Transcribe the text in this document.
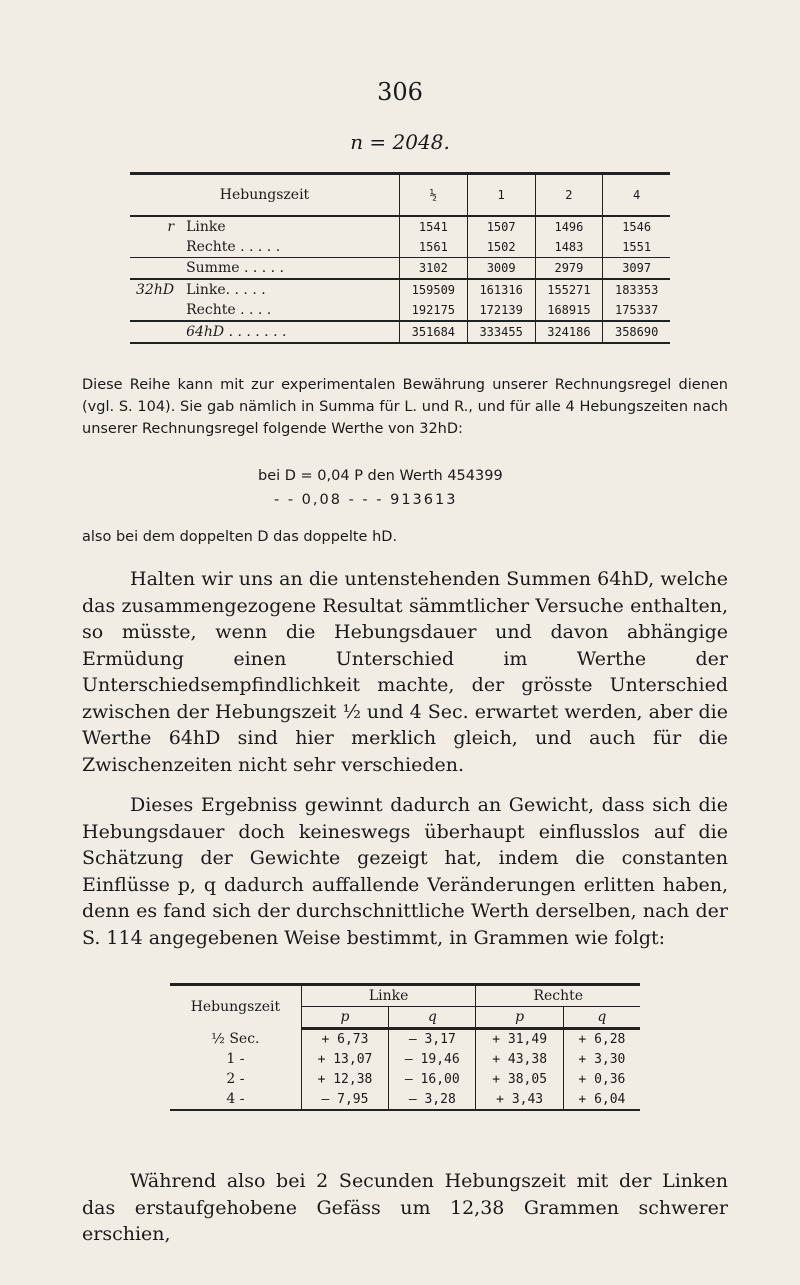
306
n = 2048.
Hebungszeit		½	1	2	4
r	Linke	1541	1507	1496	1546
	Rechte . . . . .	1561	1502	1483	1551
	Summe . . . . .	3102	3009	2979	3097
32hD	Linke. . . . .	159509	161316	155271	183353
	Rechte . . . .	192175	172139	168915	175337
	64hD . . . . . . .	351684	333455	324186	358690
Diese Reihe kann mit zur experimentalen Bewährung unserer Rechnungsregel dienen (vgl. S. 104). Sie gab nämlich in Summa für L. und R., und für alle 4 Hebungszeiten nach unserer Rechnungsregel folgende Werthe von 32hD:
bei D = 0,04 P den Werth 454399
- - 0,08 - - - 913613
also bei dem doppelten D das doppelte hD.

Halten wir uns an die untenstehenden Summen 64hD, welche das zusammengezogene Resultat sämmtlicher Versuche enthalten, so müsste, wenn die Hebungsdauer und davon abhängige Ermüdung einen Unterschied im Werthe der Unterschiedsempfindlichkeit machte, der grösste Unterschied zwischen der Hebungszeit ½ und 4 Sec. erwartet werden, aber die Werthe 64hD sind hier merklich gleich, und auch für die Zwischenzeiten nicht sehr verschieden.

Dieses Ergebniss gewinnt dadurch an Gewicht, dass sich die Hebungsdauer doch keineswegs überhaupt einflusslos auf die Schätzung der Gewichte gezeigt hat, indem die constanten Einflüsse p, q dadurch auffallende Veränderungen erlitten haben, denn es fand sich der durchschnittliche Werth derselben, nach der S. 114 angegebenen Weise bestimmt, in Grammen wie folgt:

Hebungszeit	Linke		Rechte	
	p	q	p	q
½ Sec.	+ 6,73	— 3,17	+ 31,49	+ 6,28
1 -	+ 13,07	— 19,46	+ 43,38	+ 3,30
2 -	+ 12,38	— 16,00	+ 38,05	+ 0,36
4 -	— 7,95	— 3,28	+ 3,43	+ 6,04

Während also bei 2 Secunden Hebungszeit mit der Linken das erstaufgehobene Gefäss um 12,38 Grammen schwerer erschien,
